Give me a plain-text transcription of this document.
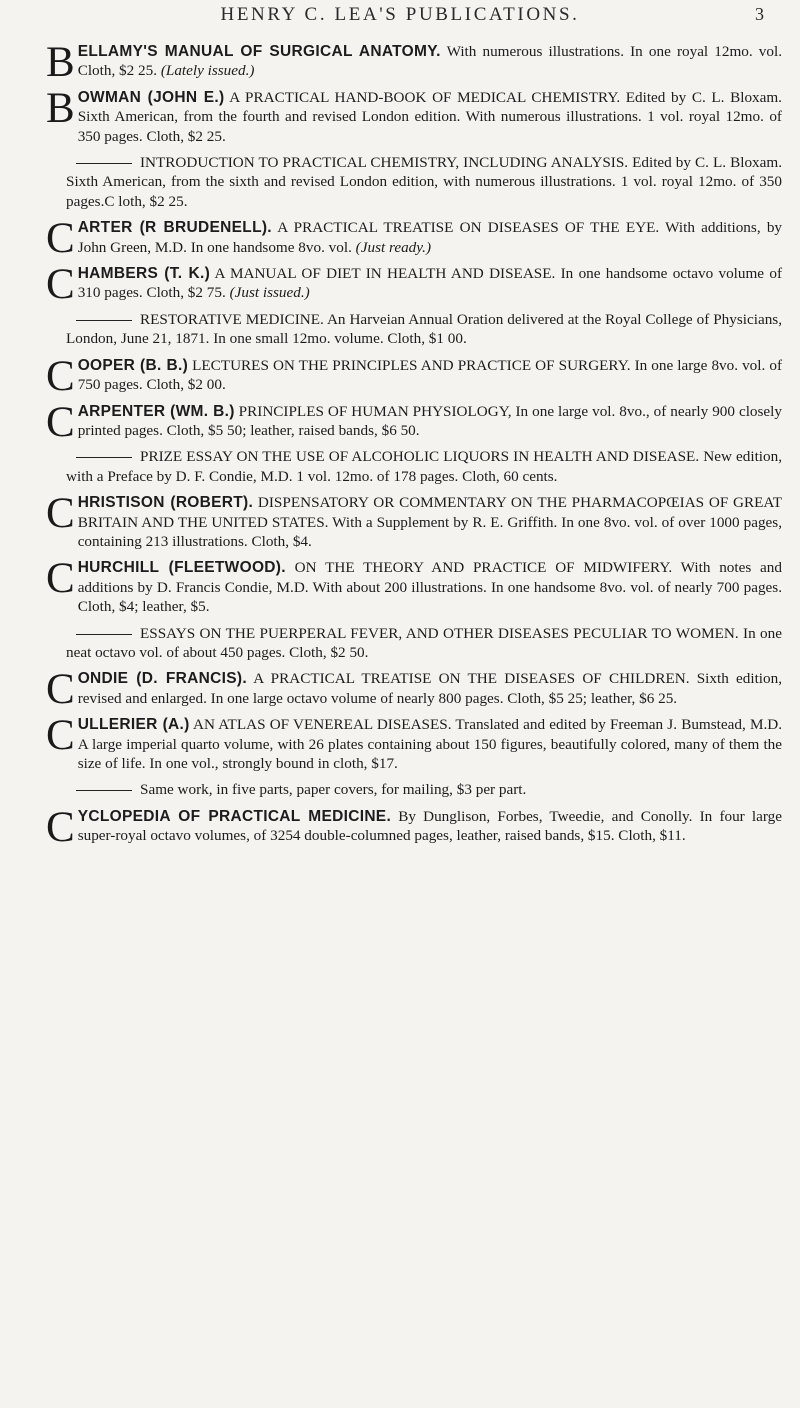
HENRY C. LEA'S PUBLICATIONS.	3

BELLAMY'S MANUAL OF SURGICAL ANATOMY. With numerous illustrations. In one royal 12mo. vol. Cloth, $2 25. (Lately issued.)

BOWMAN (JOHN E.) A PRACTICAL HAND-BOOK OF MEDICAL CHEMISTRY. Edited by C. L. Bloxam. Sixth American, from the fourth and revised London edition. With numerous illustrations. 1 vol. royal 12mo. of 350 pages. Cloth, $2 25.

INTRODUCTION TO PRACTICAL CHEMISTRY, INCLUDING ANALYSIS. Edited by C. L. Bloxam. Sixth American, from the sixth and revised London edition, with numerous illustrations. 1 vol. royal 12mo. of 350 pages.C loth, $2 25.

CARTER (R BRUDENELL). A PRACTICAL TREATISE ON DISEASES OF THE EYE. With additions, by John Green, M.D. In one handsome 8vo. vol. (Just ready.)

CHAMBERS (T. K.) A MANUAL OF DIET IN HEALTH AND DISEASE. In one handsome octavo volume of 310 pages. Cloth, $2 75. (Just issued.)

RESTORATIVE MEDICINE. An Harveian Annual Oration delivered at the Royal College of Physicians, London, June 21, 1871. In one small 12mo. volume. Cloth, $1 00.

COOPER (B. B.) LECTURES ON THE PRINCIPLES AND PRACTICE OF SURGERY. In one large 8vo. vol. of 750 pages. Cloth, $2 00.

CARPENTER (WM. B.) PRINCIPLES OF HUMAN PHYSIOLOGY, In one large vol. 8vo., of nearly 900 closely printed pages. Cloth, $5 50; leather, raised bands, $6 50.

PRIZE ESSAY ON THE USE OF ALCOHOLIC LIQUORS IN HEALTH AND DISEASE. New edition, with a Preface by D. F. Condie, M.D. 1 vol. 12mo. of 178 pages. Cloth, 60 cents.

CHRISTISON (ROBERT). DISPENSATORY OR COMMENTARY ON THE PHARMACOPŒIAS OF GREAT BRITAIN AND THE UNITED STATES. With a Supplement by R. E. Griffith. In one 8vo. vol. of over 1000 pages, containing 213 illustrations. Cloth, $4.

CHURCHILL (FLEETWOOD). ON THE THEORY AND PRACTICE OF MIDWIFERY. With notes and additions by D. Francis Condie, M.D. With about 200 illustrations. In one handsome 8vo. vol. of nearly 700 pages. Cloth, $4; leather, $5.

ESSAYS ON THE PUERPERAL FEVER, AND OTHER DISEASES PECULIAR TO WOMEN. In one neat octavo vol. of about 450 pages. Cloth, $2 50.

CONDIE (D. FRANCIS). A PRACTICAL TREATISE ON THE DISEASES OF CHILDREN. Sixth edition, revised and enlarged. In one large octavo volume of nearly 800 pages. Cloth, $5 25; leather, $6 25.

CULLERIER (A.) AN ATLAS OF VENEREAL DISEASES. Translated and edited by Freeman J. Bumstead, M.D. A large imperial quarto volume, with 26 plates containing about 150 figures, beautifully colored, many of them the size of life. In one vol., strongly bound in cloth, $17.

Same work, in five parts, paper covers, for mailing, $3 per part.

CYCLOPEDIA OF PRACTICAL MEDICINE. By Dunglison, Forbes, Tweedie, and Conolly. In four large super-royal octavo volumes, of 3254 double-columned pages, leather, raised bands, $15. Cloth, $11.
